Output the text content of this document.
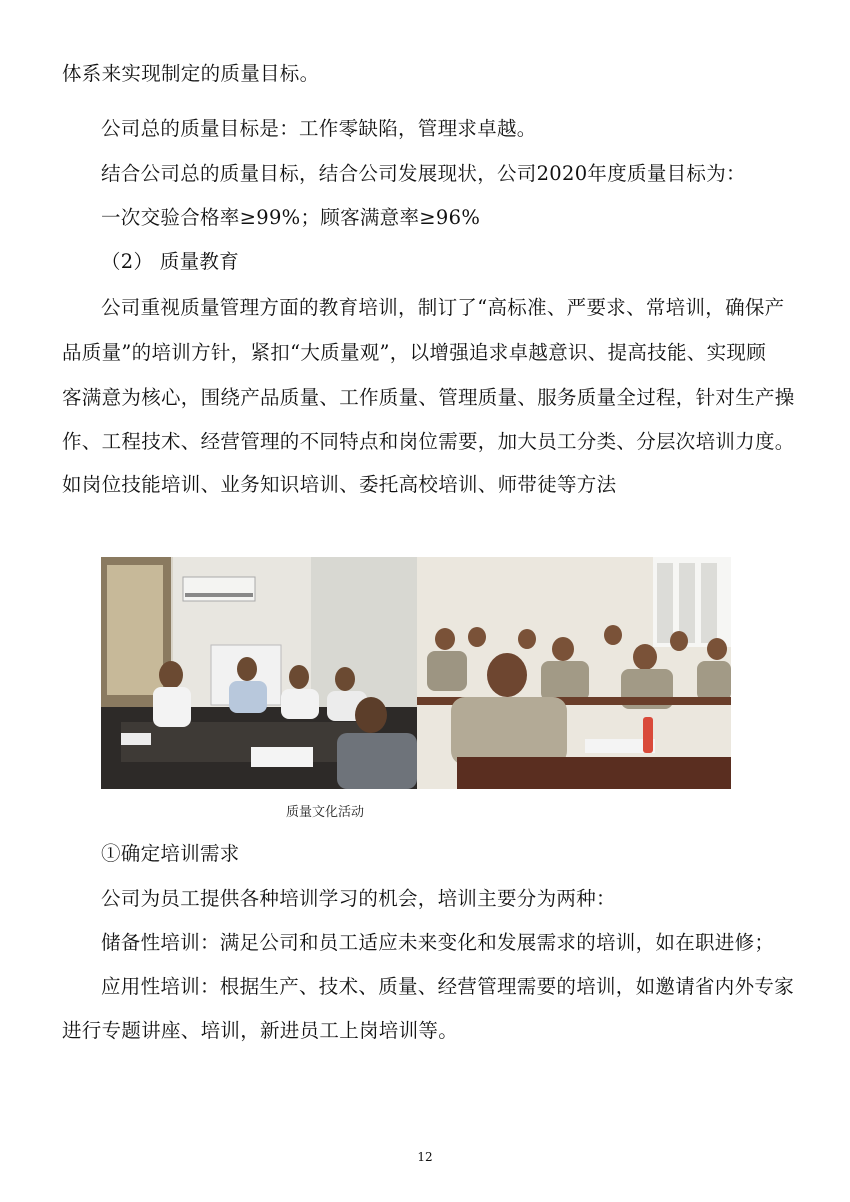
体系来实现制定的质量目标。
公司总的质量目标是：工作零缺陷，管理求卓越。
结合公司总的质量目标，结合公司发展现状，公司2020年度质量目标为：
一次交验合格率≥99%；顾客满意率≥96%
（2） 质量教育
公司重视质量管理方面的教育培训，制订了“高标准、严要求、常培训，确保产
品质量”的培训方针，紧扣“大质量观”，以增强追求卓越意识、提高技能、实现顾
客满意为核心，围绕产品质量、工作质量、管理质量、服务质量全过程，针对生产操
作、工程技术、经营管理的不同特点和岗位需要，加大员工分类、分层次培训力度。
如岗位技能培训、业务知识培训、委托高校培训、师带徒等方法
质量文化活动
①确定培训需求
公司为员工提供各种培训学习的机会，培训主要分为两种：
储备性培训：满足公司和员工适应未来变化和发展需求的培训，如在职进修；
应用性培训：根据生产、技术、质量、经营管理需要的培训，如邀请省内外专家
进行专题讲座、培训，新进员工上岗培训等。
12
